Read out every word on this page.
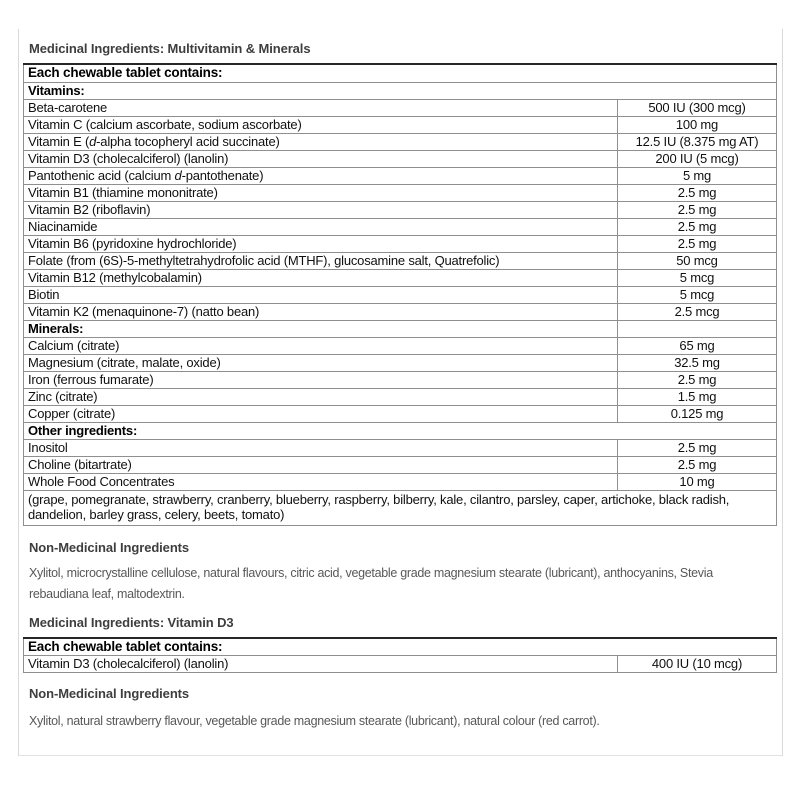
Medicinal Ingredients: Multivitamin & Minerals

Each chewable tablet contains:	
Vitamins:	
Beta-carotene	500 IU (300 mcg)
Vitamin C (calcium ascorbate, sodium ascorbate)	100 mg
Vitamin E (d-alpha tocopheryl acid succinate)	12.5 IU (8.375 mg AT)
Vitamin D3 (cholecalciferol) (lanolin)	200 IU (5 mcg)
Pantothenic acid (calcium d-pantothenate)	5 mg
Vitamin B1 (thiamine mononitrate)	2.5 mg
Vitamin B2 (riboflavin)	2.5 mg
Niacinamide	2.5 mg
Vitamin B6 (pyridoxine hydrochloride)	2.5 mg
Folate (from (6S)-5-methyltetrahydrofolic acid (MTHF), glucosamine salt, Quatrefolic)	50 mcg
Vitamin B12 (methylcobalamin)	5 mcg
Biotin	5 mcg
Vitamin K2 (menaquinone-7) (natto bean)	2.5 mcg
Minerals:	
Calcium (citrate)	65 mg
Magnesium (citrate, malate, oxide)	32.5 mg
Iron (ferrous fumarate)	2.5 mg
Zinc (citrate)	1.5 mg
Copper (citrate)	0.125 mg
Other ingredients:	
Inositol	2.5 mg
Choline (bitartrate)	2.5 mg
Whole Food Concentrates	10 mg
(grape, pomegranate, strawberry, cranberry, blueberry, raspberry, bilberry, kale, cilantro, parsley, caper, artichoke, black radish, dandelion, barley grass, celery, beets, tomato)	

Non-Medicinal Ingredients

Xylitol, microcrystalline cellulose, natural flavours, citric acid, vegetable grade magnesium stearate (lubricant), anthocyanins, Stevia rebaudiana leaf, maltodextrin.

Medicinal Ingredients: Vitamin D3

Each chewable tablet contains:
Vitamin D3 (cholecalciferol) (lanolin)	400 IU (10 mcg)

Non-Medicinal Ingredients

Xylitol, natural strawberry flavour, vegetable grade magnesium stearate (lubricant), natural colour (red carrot).
